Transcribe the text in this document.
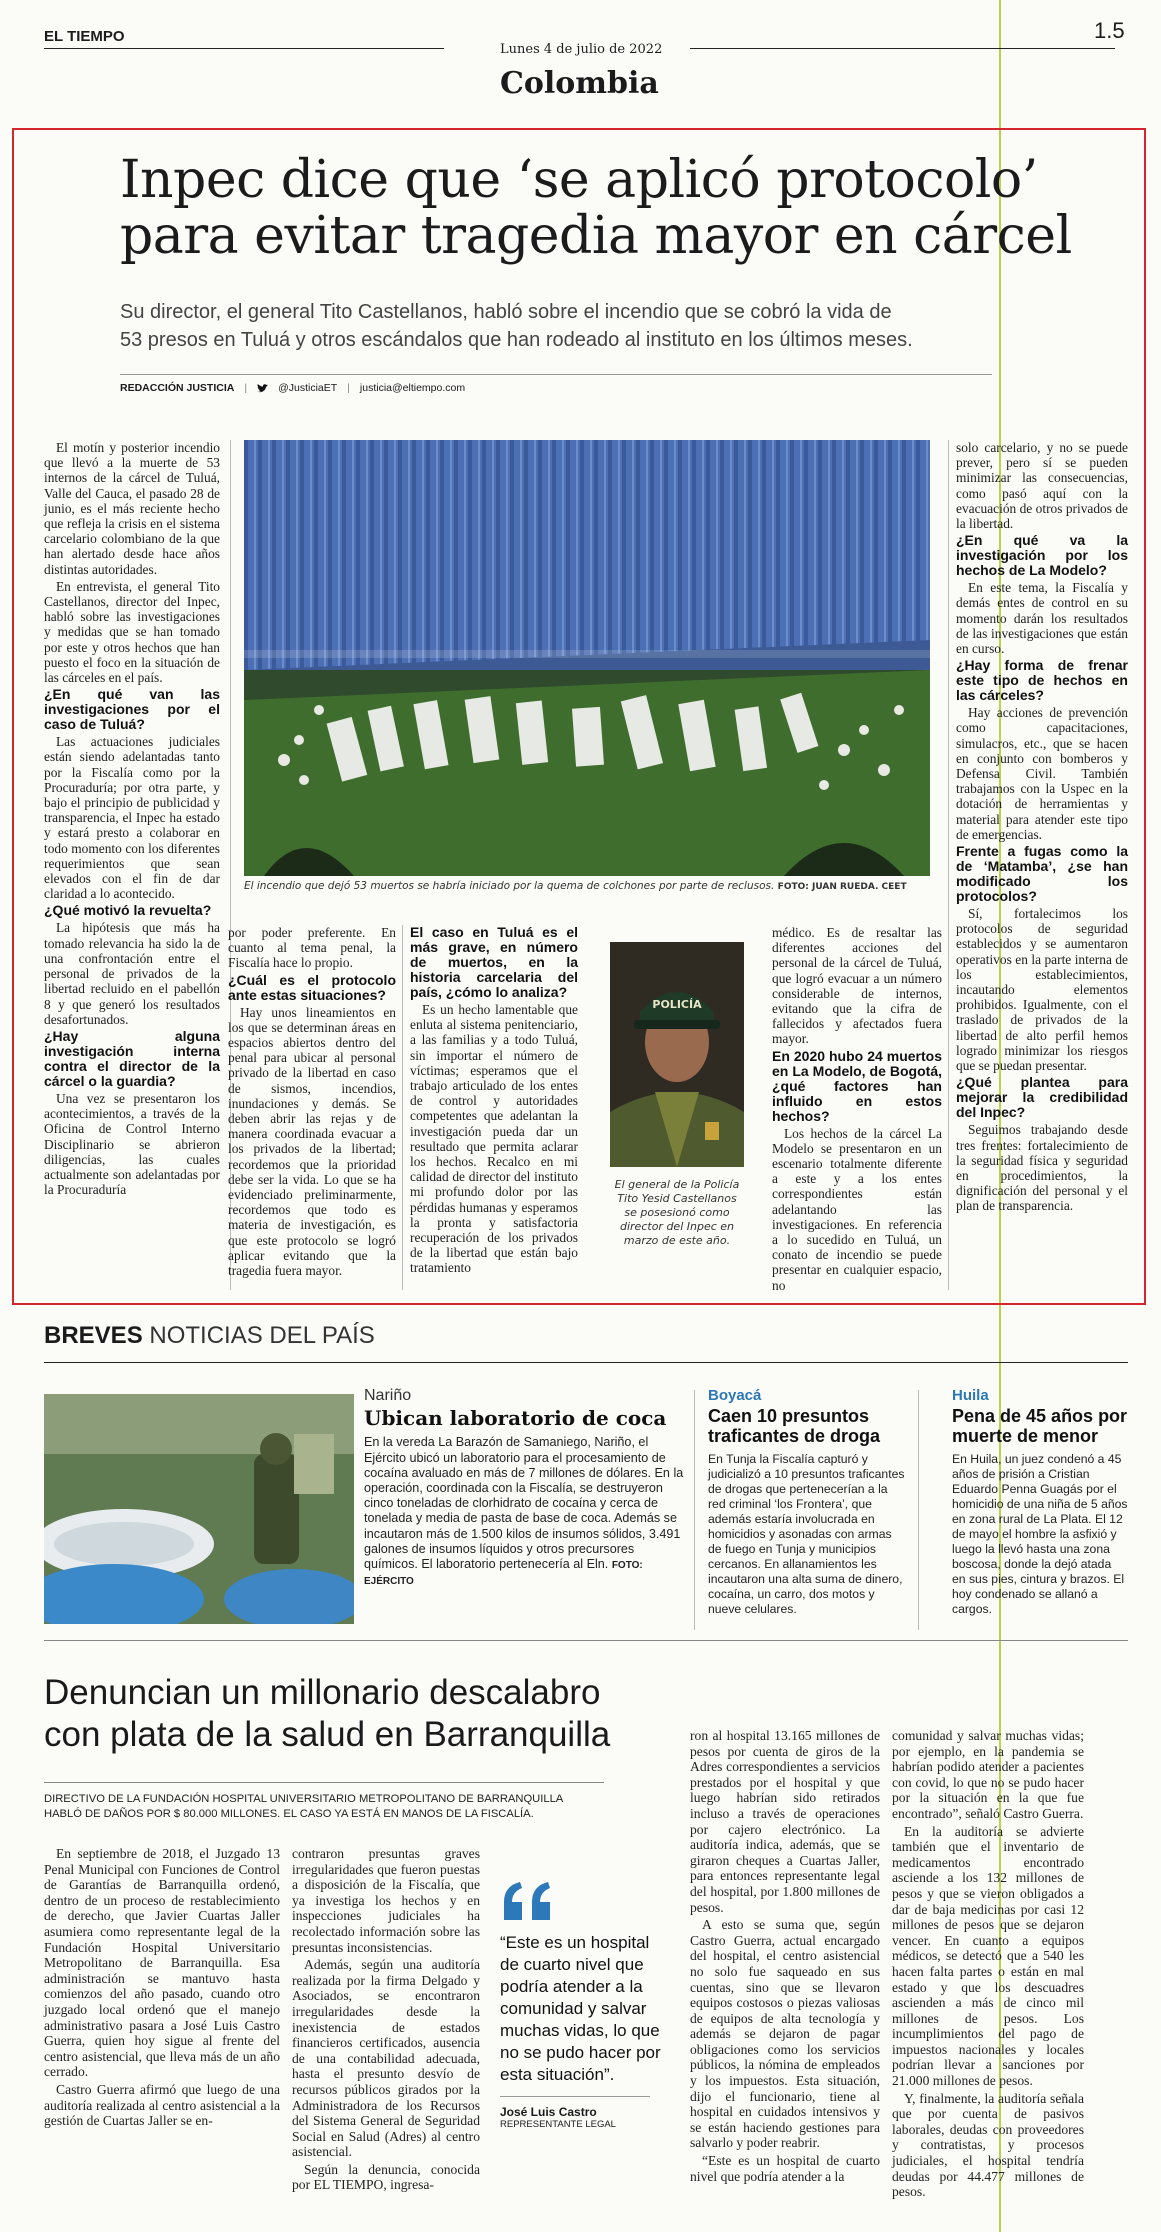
EL TIEMPO
Lunes 4 de julio de 2022
1.5
Colombia
Inpec dice que ‘se aplicó protocolo’
para evitar tragedia mayor en cárcel
Su director, el general Tito Castellanos, habló sobre el incendio que se cobró la vida de
53 presos en Tuluá y otros escándalos que han rodeado al instituto en los últimos meses.
REDACCIÓN JUSTICIA |	@JusticiaET | justicia@eltiempo.com

El motín y posterior incendio que llevó a la muerte de 53 internos de la cárcel de Tuluá, Valle del Cauca, el pasado 28 de junio, es el más reciente hecho que refleja la crisis en el sistema carcelario colombiano de la que han alertado desde hace años distintas autoridades.

En entrevista, el general Tito Castellanos, director del Inpec, habló sobre las investigaciones y medidas que se han tomado por este y otros hechos que han puesto el foco en la situación de las cárceles en el país.

¿En qué van las investigaciones por el caso de Tuluá?

Las actuaciones judiciales están siendo adelantadas tanto por la Fiscalía como por la Procuraduría; por otra parte, y bajo el principio de publicidad y transparencia, el Inpec ha estado y estará presto a colaborar en todo momento con los diferentes requerimientos que sean elevados con el fin de dar claridad a lo acontecido.

¿Qué motivó la revuelta?

La hipótesis que más ha tomado relevancia ha sido la de una confrontación entre el personal de privados de la libertad recluido en el pabellón 8 y que generó los resultados desafortunados.

¿Hay alguna investigación interna contra el director de la cárcel o la guardia?

Una vez se presentaron los acontecimientos, a través de la Oficina de Control Interno Disciplinario se abrieron diligencias, las cuales actualmente son adelantadas por la Procuraduría

El incendio que dejó 53 muertos se habría iniciado por la quema de colchones por parte de reclusos. FOTO: JUAN RUEDA. CEET

por poder preferente. En cuanto al tema penal, la Fiscalía hace lo propio.

¿Cuál es el protocolo ante estas situaciones?

Hay unos lineamientos en los que se determinan áreas en espacios abiertos dentro del penal para ubicar al personal privado de la libertad en caso de sismos, incendios, inundaciones y demás. Se deben abrir las rejas y de manera coordinada evacuar a los privados de la libertad; recordemos que la prioridad debe ser la vida. Lo que se ha evidenciado preliminarmente, recordemos que todo es materia de investigación, es que este protocolo se logró aplicar evitando que la tragedia fuera mayor.

El caso en Tuluá es el más grave, en número de muertos, en la historia carcelaria del país, ¿cómo lo analiza?

Es un hecho lamentable que enluta al sistema penitenciario, a las familias y a todo Tuluá, sin importar el número de víctimas; esperamos que el trabajo articulado de los entes de control y autoridades competentes que adelantan la investigación pueda dar un resultado que permita aclarar los hechos. Recalco en mi calidad de director del instituto mi profundo dolor por las pérdidas humanas y esperamos la pronta y satisfactoria recuperación de los privados de la libertad que están bajo tratamiento

POLICÍA
El general de la Policía Tito Yesid Castellanos se posesionó como director del Inpec en marzo de este año.

médico. Es de resaltar las diferentes acciones del personal de la cárcel de Tuluá, que logró evacuar a un número considerable de internos, evitando que la cifra de fallecidos y afectados fuera mayor.

En 2020 hubo 24 muertos en La Modelo, de Bogotá, ¿qué factores han influido en estos hechos?

Los hechos de la cárcel La Modelo se presentaron en un escenario totalmente diferente a este y a los entes correspondientes están adelantando las investigaciones. En referencia a lo sucedido en Tuluá, un conato de incendio se puede presentar en cualquier espacio, no

solo carcelario, y no se puede prever, pero sí se pueden minimizar las consecuencias, como pasó aquí con la evacuación de otros privados de la libertad.

¿En qué va la investigación por los hechos de La Modelo?

En este tema, la Fiscalía y demás entes de control en su momento darán los resultados de las investigaciones que están en curso.

¿Hay forma de frenar este tipo de hechos en las cárceles?

Hay acciones de prevención como capacitaciones, simulacros, etc., que se hacen en conjunto con bomberos y Defensa Civil. También trabajamos con la Uspec en la dotación de herramientas y material para atender este tipo de emergencias.

Frente a fugas como la de ‘Matamba’, ¿se han modificado los protocolos?

Sí, fortalecimos los protocolos de seguridad establecidos y se aumentaron operativos en la parte interna de los establecimientos, incautando elementos prohibidos. Igualmente, con el traslado de privados de la libertad de alto perfil hemos logrado minimizar los riesgos que se puedan presentar.

¿Qué plantea para mejorar la credibilidad del Inpec?

Seguimos trabajando desde tres frentes: fortalecimiento de la seguridad física y seguridad en procedimientos, la dignificación del personal y el plan de transparencia.

BREVES NOTICIAS DEL PAÍS
Nariño
Ubican laboratorio de coca
En la vereda La Barazón de Samaniego, Nariño, el Ejército ubicó un laboratorio para el procesamiento de cocaína avaluado en más de 7 millones de dólares. En la operación, coordinada con la Fiscalía, se destruyeron cinco toneladas de clorhidrato de cocaína y cerca de tonelada y media de pasta de base de coca. Además se incautaron más de 1.500 kilos de insumos sólidos, 3.491 galones de insumos líquidos y otros precursores químicos. El laboratorio pertenecería al Eln. FOTO: EJÉRCITO
Boyacá
Caen 10 presuntos traficantes de droga
En Tunja la Fiscalía capturó y judicializó a 10 presuntos traficantes de drogas que pertenecerían a la red criminal ‘los Frontera’, que además estaría involucrada en homicidios y asonadas con armas de fuego en Tunja y municipios cercanos. En allanamientos les incautaron una alta suma de dinero, cocaína, un carro, dos motos y nueve celulares.
Huila
Pena de 45 años por muerte de menor
En Huila, un juez condenó a 45 años de prisión a Cristian Eduardo Penna Guagás por el homicidio de una niña de 5 años en zona rural de La Plata. El 12 de mayo el hombre la asfixió y luego la llevó hasta una zona boscosa, donde la dejó atada en sus pies, cintura y brazos. El hoy condenado se allanó a cargos.
Denuncian un millonario descalabro
con plata de la salud en Barranquilla
DIRECTIVO DE LA FUNDACIÓN HOSPITAL UNIVERSITARIO METROPOLITANO DE BARRANQUILLA
HABLÓ DE DAÑOS POR $ 80.000 MILLONES. EL CASO YA ESTÁ EN MANOS DE LA FISCALÍA.

En septiembre de 2018, el Juzgado 13 Penal Municipal con Funciones de Control de Garantías de Barranquilla ordenó, dentro de un proceso de restablecimiento de derecho, que Javier Cuartas Jaller asumiera como representante legal de la Fundación Hospital Universitario Metropolitano de Barranquilla. Esa administración se mantuvo hasta comienzos del año pasado, cuando otro juzgado local ordenó que el manejo administrativo pasara a José Luis Castro Guerra, quien hoy sigue al frente del centro asistencial, que lleva más de un año cerrado.

Castro Guerra afirmó que luego de una auditoría realizada al centro asistencial a la gestión de Cuartas Jaller se en-

contraron presuntas graves irregularidades que fueron puestas a disposición de la Fiscalía, que ya investiga los hechos y en inspecciones judiciales ha recolectado información sobre las presuntas inconsistencias.

Además, según una auditoría realizada por la firma Delgado y Asociados, se encontraron irregularidades desde la inexistencia de estados financieros certificados, ausencia de una contabilidad adecuada, hasta el presunto desvío de recursos públicos girados por la Administradora de los Recursos del Sistema General de Seguridad Social en Salud (Adres) al centro asistencial.

Según la denuncia, conocida por EL TIEMPO, ingresa-

“Este es un hospital de cuarto nivel que podría atender a la comunidad y salvar muchas vidas, lo que no se pudo hacer por esta situación”.
José Luis Castro
REPRESENTANTE LEGAL

ron al hospital 13.165 millones de pesos por cuenta de giros de la Adres correspondientes a servicios prestados por el hospital y que luego habrían sido retirados incluso a través de operaciones por cajero electrónico. La auditoría indica, además, que se giraron cheques a Cuartas Jaller, para entonces representante legal del hospital, por 1.800 millones de pesos.

A esto se suma que, según Castro Guerra, actual encargado del hospital, el centro asistencial no solo fue saqueado en sus cuentas, sino que se llevaron equipos costosos o piezas valiosas de equipos de alta tecnología y además se dejaron de pagar obligaciones como los servicios públicos, la nómina de empleados y los impuestos. Esta situación, dijo el funcionario, tiene al hospital en cuidados intensivos y se están haciendo gestiones para salvarlo y poder reabrir.

“Este es un hospital de cuarto nivel que podría atender a la

comunidad y salvar muchas vidas; por ejemplo, en la pandemia se habrían podido atender a pacientes con covid, lo que no se pudo hacer por la situación en la que fue encontrado”, señaló Castro Guerra.

En la auditoría se advierte también que el inventario de medicamentos encontrado asciende a los 132 millones de pesos y que se vieron obligados a dar de baja medicinas por casi 12 millones de pesos que se dejaron vencer. En cuanto a equipos médicos, se detectó que a 540 les hacen falta partes o están en mal estado y que los descuadres ascienden a más de cinco mil millones de pesos. Los incumplimientos del pago de impuestos nacionales y locales podrían llevar a sanciones por 21.000 millones de pesos.

Y, finalmente, la auditoría señala que por cuenta de pasivos laborales, deudas con proveedores y contratistas, y procesos judiciales, el hospital tendría deudas por 44.477 millones de pesos.
